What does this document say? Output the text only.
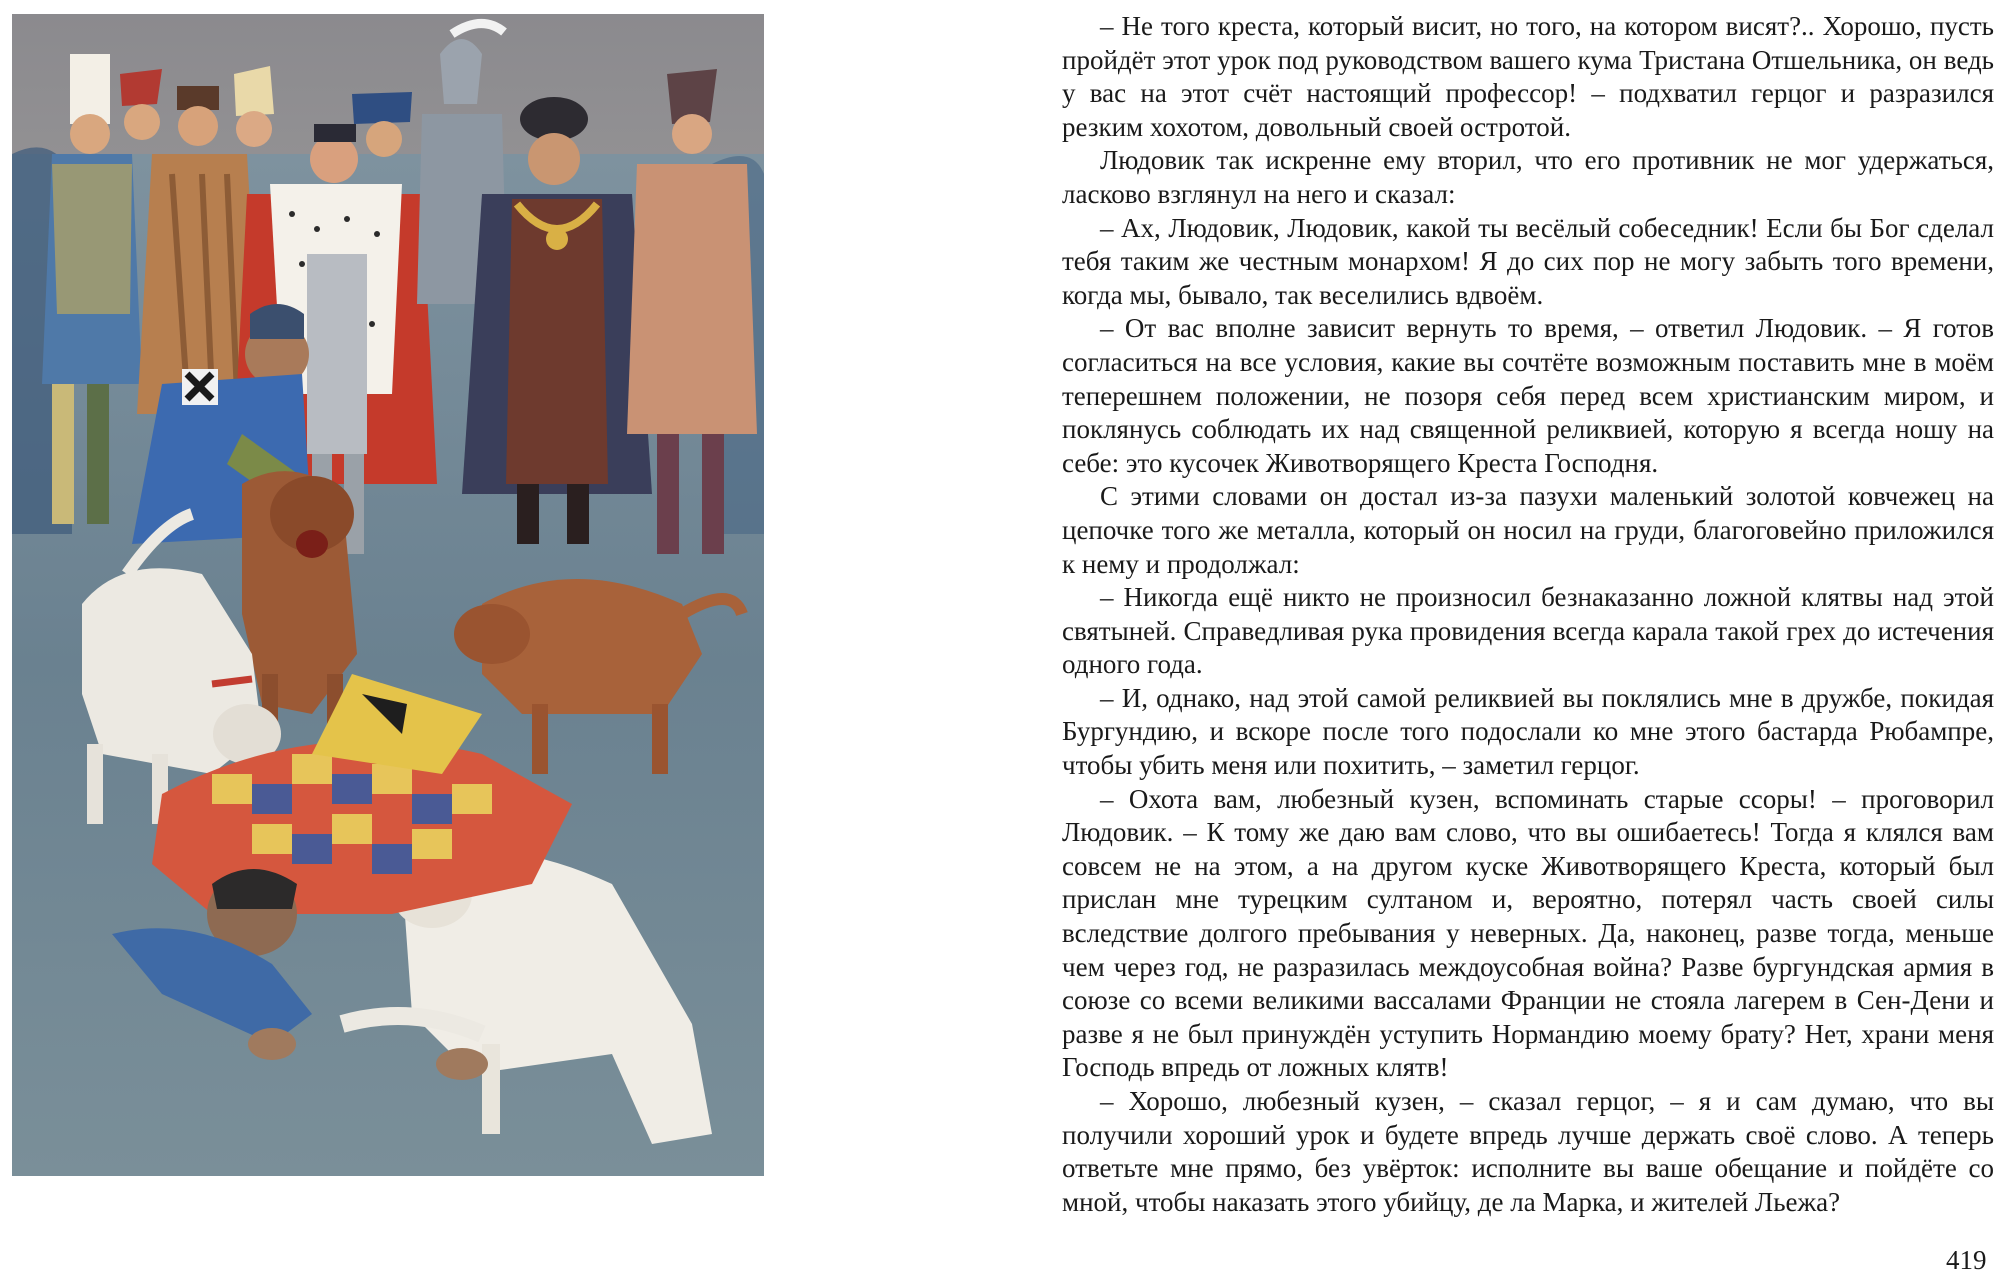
– Не того креста, который висит, но того, на котором висят?.. Хорошо, пусть пройдёт этот урок под руководством вашего кума Тристана Отшельника, он ведь у вас на этот счёт настоящий профессор! – подхватил герцог и разразился резким хохотом, довольный своей остротой.

Людовик так искренне ему вторил, что его противник не мог удержаться, ласково взглянул на него и сказал:

– Ах, Людовик, Людовик, какой ты весёлый собеседник! Если бы Бог сделал тебя таким же честным монархом! Я до сих пор не могу забыть того времени, когда мы, бывало, так веселились вдвоём.

– От вас вполне зависит вернуть то время, – ответил Людовик. – Я готов согласиться на все условия, какие вы сочтёте возможным поставить мне в моём теперешнем положении, не позоря себя перед всем христианским миром, и поклянусь соблюдать их над священной реликвией, которую я всегда ношу на себе: это кусочек Животворящего Креста Господня.

С этими словами он достал из-за пазухи маленький золотой ковчежец на цепочке того же металла, который он носил на груди, благоговейно приложился к нему и продолжал:

– Никогда ещё никто не произносил безнаказанно ложной клятвы над этой святыней. Справедливая рука провидения всегда карала такой грех до истечения одного года.

– И, однако, над этой самой реликвией вы поклялись мне в дружбе, покидая Бургундию, и вскоре после того подослали ко мне этого бастарда Рюбампре, чтобы убить меня или похитить, – заметил герцог.

– Охота вам, любезный кузен, вспоминать старые ссоры! – проговорил Людовик. – К тому же даю вам слово, что вы ошибаетесь! Тогда я клялся вам совсем не на этом, а на другом куске Животворящего Креста, который был прислан мне турецким султаном и, вероятно, потерял часть своей силы вследствие долгого пребывания у неверных. Да, наконец, разве тогда, меньше чем через год, не разразилась междоусобная война? Разве бургундская армия в союзе со всеми великими вассалами Франции не стояла лагерем в Сен-Дени и разве я не был принуждён уступить Нормандию моему брату? Нет, храни меня Господь впредь от ложных клятв!

– Хорошо, любезный кузен, – сказал герцог, – я и сам думаю, что вы получили хороший урок и будете впредь лучше держать своё слово. А теперь ответьте мне прямо, без увёрток: исполните вы ваше обещание и пойдёте со мной, чтобы наказать этого убийцу, де ла Марка, и жителей Льежа?

419
